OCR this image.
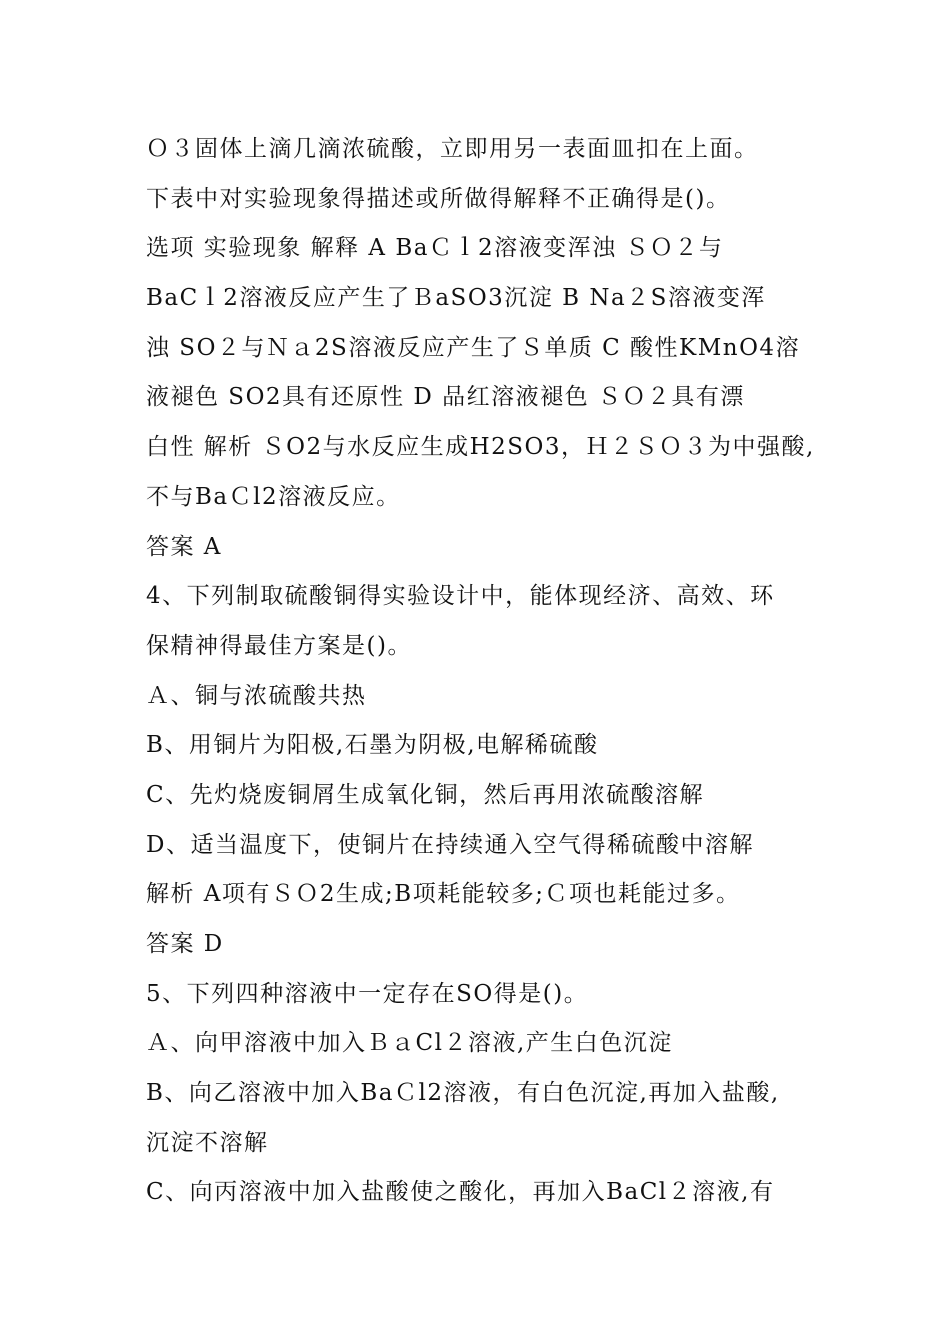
Ｏ３固体上滴几滴浓硫酸，立即用另一表面皿扣在上面。
下表中对实验现象得描述或所做得解释不正确得是()。
选项 实验现象 解释 A BaＣｌ2溶液变浑浊 ＳＯ２与
BaCｌ2溶液反应产生了ＢaSO3沉淀 B Na２S溶液变浑
浊 SO２与Ｎａ2S溶液反应产生了Ｓ单质 C 酸性KMnO4溶
液褪色 SO2具有还原性 D 品红溶液褪色 ＳＯ２具有漂
白性 解析 ＳO2与水反应生成H2SO3，Ｈ２ＳＯ３为中强酸,
不与BaＣl2溶液反应。
答案 A
4、下列制取硫酸铜得实验设计中，能体现经济、高效、环
保精神得最佳方案是()。
Ａ、铜与浓硫酸共热
B、用铜片为阳极,石墨为阴极,电解稀硫酸
C、先灼烧废铜屑生成氧化铜，然后再用浓硫酸溶解
D、适当温度下，使铜片在持续通入空气得稀硫酸中溶解
解析 A项有ＳＯ2生成;B项耗能较多;Ｃ项也耗能过多。
答案 D
5、下列四种溶液中一定存在SO得是()。
Ａ、向甲溶液中加入ＢａCl２溶液,产生白色沉淀
B、向乙溶液中加入BaＣl2溶液，有白色沉淀,再加入盐酸,
沉淀不溶解
C、向丙溶液中加入盐酸使之酸化，再加入BaCl２溶液,有
